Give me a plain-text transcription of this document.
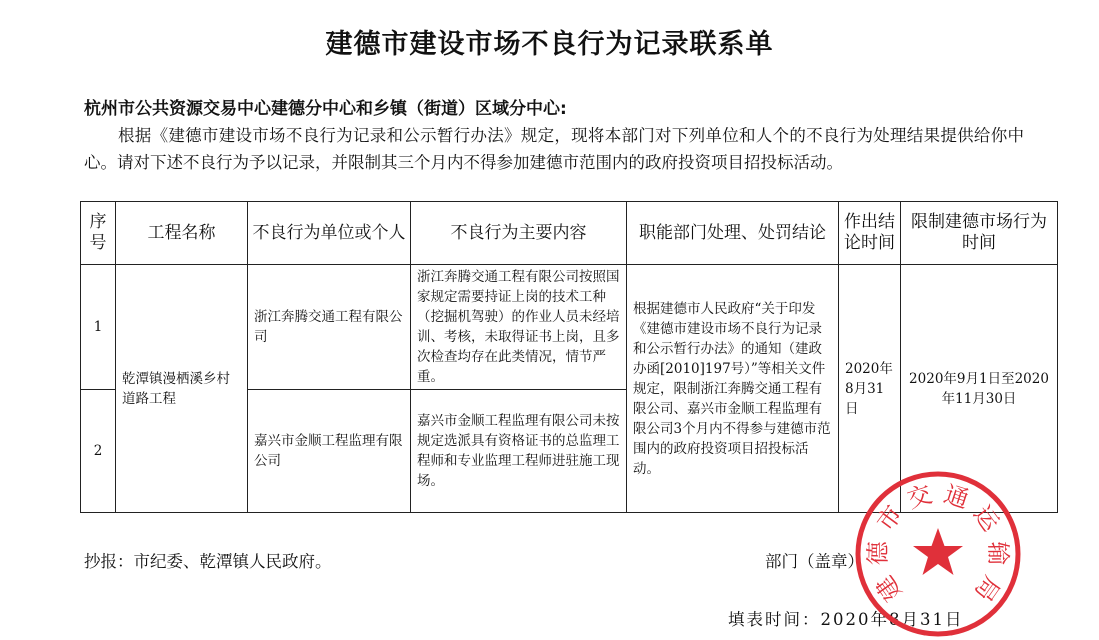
建德市建设市场不良行为记录联系单
杭州市公共资源交易中心建德分中心和乡镇（街道）区域分中心:
根据《建德市建设市场不良行为记录和公示暂行办法》规定，现将本部门对下列单位和人个的不良行为处理结果提供给你中心。请对下述不良行为予以记录，并限制其三个月内不得参加建德市范围内的政府投资项目招投标活动。
序号	工程名称	不良行为单位或个人	不良行为主要内容	职能部门处理、处罚结论	作出结论时间	限制建德市场行为时间
1	乾潭镇漫栖溪乡村道路工程	浙江奔腾交通工程有限公司	浙江奔腾交通工程有限公司按照国家规定需要持证上岗的技术工种（挖掘机驾驶）的作业人员未经培训、考核，未取得证书上岗，且多次检查均存在此类情况，情节严重。	根据建德市人民政府“关于印发《建德市建设市场不良行为记录和公示暂行办法》的通知（建政办函[2010]197号）”等相关文件规定，限制浙江奔腾交通工程有限公司、嘉兴市金顺工程监理有限公司3个月内不得参与建德市范围内的政府投资项目招投标活动。	2020年8月31日	2020年9月1日至2020年11月30日
2		嘉兴市金顺工程监理有限公司	嘉兴市金顺工程监理有限公司未按规定选派具有资格证书的总监理工程师和专业监理工程师进驻施工现场。			
抄报：市纪委、乾潭镇人民政府。	部门（盖章）：
填表时间：2020年8月31日
建
德
市
交 通
运
输
局
